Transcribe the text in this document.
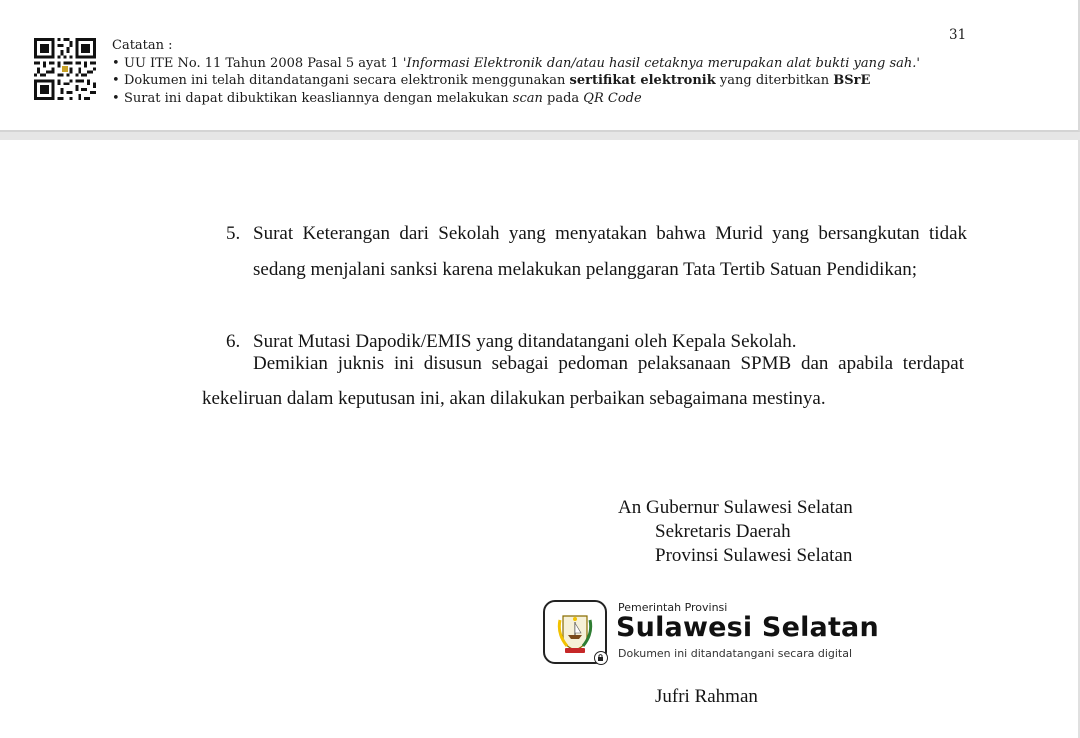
Catatan :
• UU ITE No. 11 Tahun 2008 Pasal 5 ayat 1 'Informasi Elektronik dan/atau hasil cetaknya merupakan alat bukti yang sah.'
• Dokumen ini telah ditandatangani secara elektronik menggunakan sertifikat elektronik yang diterbitkan BSrE
• Surat ini dapat dibuktikan keasliannya dengan melakukan scan pada QR Code
31
5. Surat Keterangan dari Sekolah yang menyatakan bahwa Murid yang bersangkutan tidak sedang menjalani sanksi karena melakukan pelanggaran Tata Tertib Satuan Pendidikan;
6. Surat Mutasi Dapodik/EMIS yang ditandatangani oleh Kepala Sekolah.
Demikian juknis ini disusun sebagai pedoman pelaksanaan SPMB dan apabila terdapat kekeliruan dalam keputusan ini, akan dilakukan perbaikan sebagaimana mestinya.
An Gubernur Sulawesi Selatan
Sekretaris Daerah
Provinsi Sulawesi Selatan
Pemerintah Provinsi
Sulawesi Selatan
Dokumen ini ditandatangani secara digital
Jufri Rahman
